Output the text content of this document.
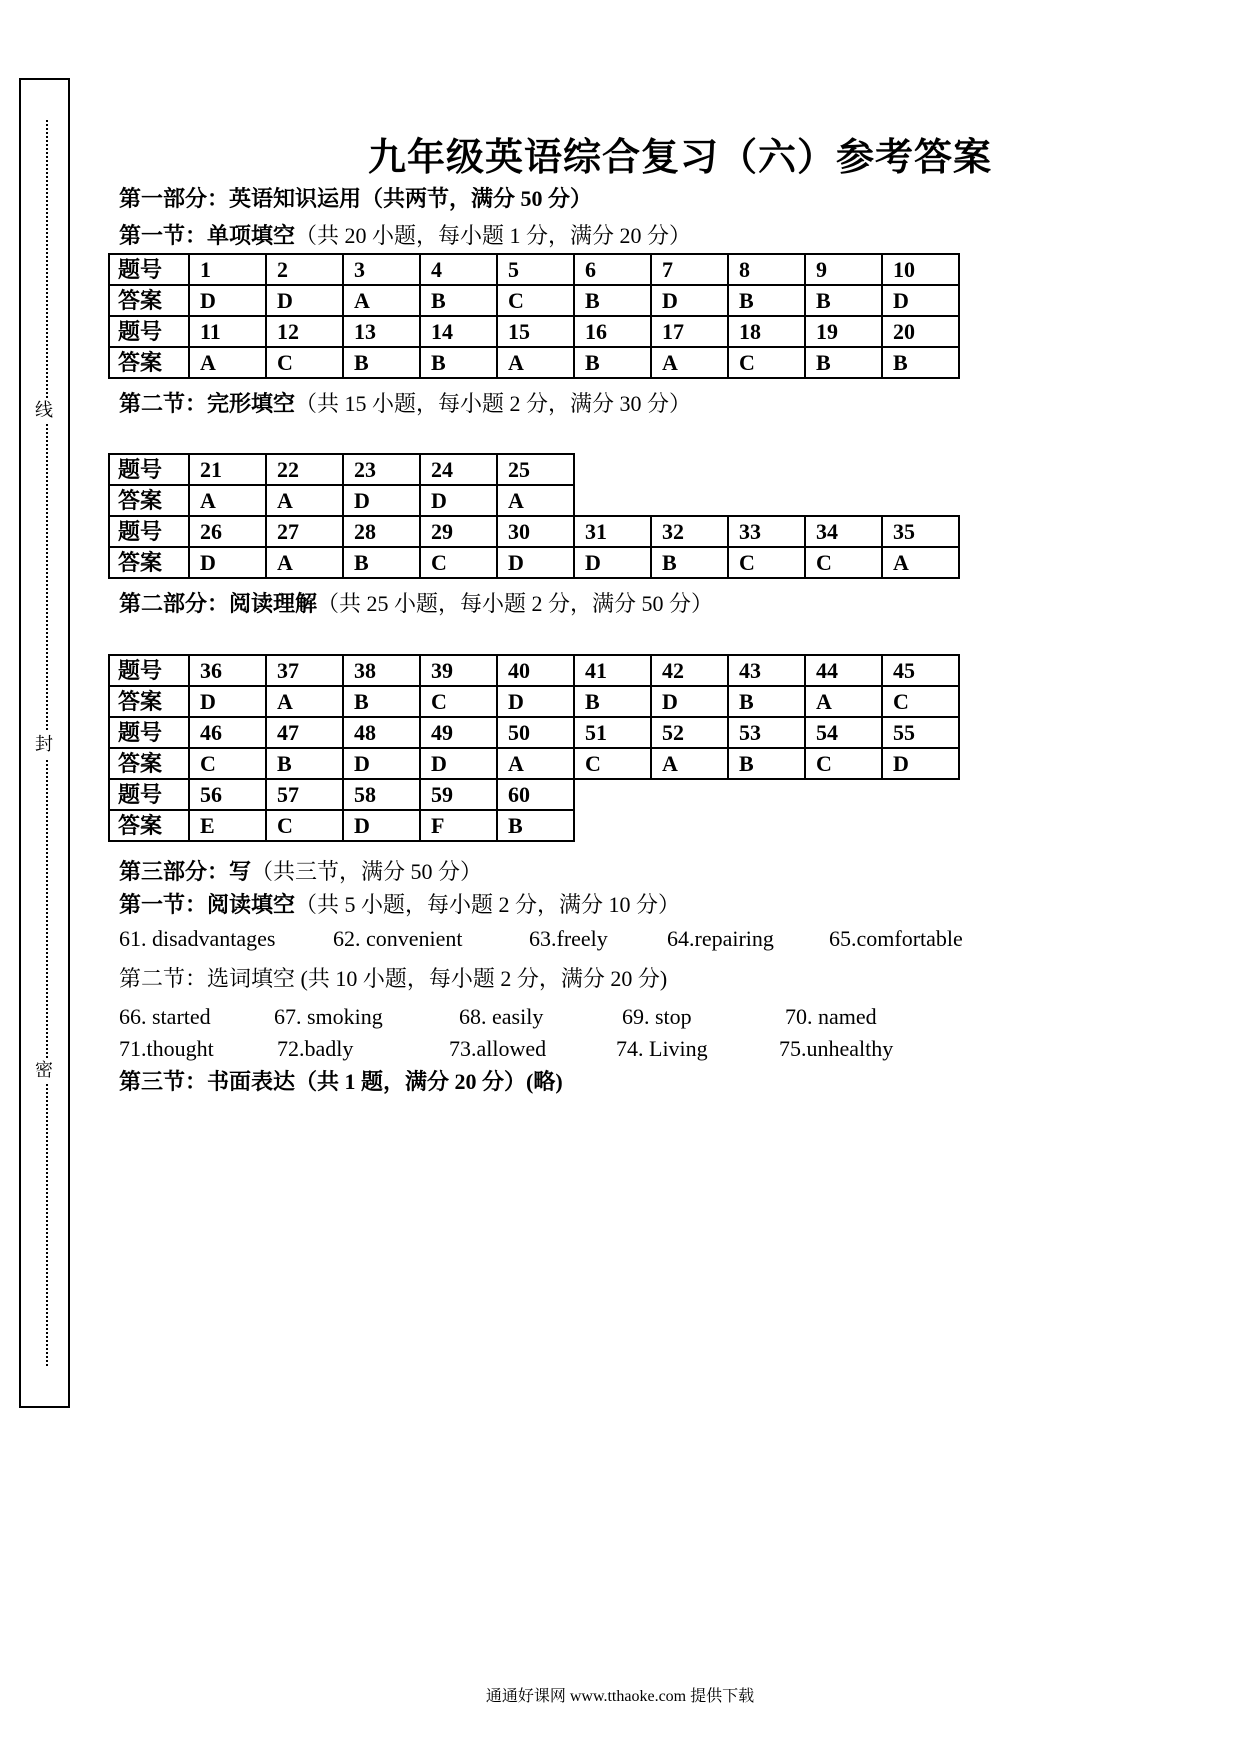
线
封
密
九年级英语综合复习（六）参考答案
第一部分：英语知识运用（共两节，满分 50 分）
第一节：单项填空（共 20 小题，每小题 1 分，满分 20 分）
题号	1	2	3	4	5	6	7	8	9	10
答案	D	D	A	B	C	B	D	B	B	D
题号	11	12	13	14	15	16	17	18	19	20
答案	A	C	B	B	A	B	A	C	B	B
第二节：完形填空（共 15 小题，每小题 2 分，满分 30 分）
题号	21	22	23	24	25					
答案	A	A	D	D	A					
题号	26	27	28	29	30	31	32	33	34	35
答案	D	A	B	C	D	D	B	C	C	A
第二部分：阅读理解（共 25 小题，每小题 2 分，满分 50 分）
题号	36	37	38	39	40	41	42	43	44	45
答案	D	A	B	C	D	B	D	B	A	C
题号	46	47	48	49	50	51	52	53	54	55
答案	C	B	D	D	A	C	A	B	C	D
题号	56	57	58	59	60					
答案	E	C	D	F	B					
第三部分：写（共三节，满分 50 分）
第一节：阅读填空（共 5 小题，每小题 2 分，满分 10 分）
61. disadvantages	62. convenient	63.freely	64.repairing	65.comfortable
第二节：选词填空 (共 10 小题，每小题 2 分，满分 20 分)
66. started	67. smoking	68. easily	69. stop	70. named
71.thought	72.badly	73.allowed	74. Living	75.unhealthy
第三节：书面表达（共 1 题，满分 20 分）(略)
通通好课网 www.tthaoke.com 提供下载
